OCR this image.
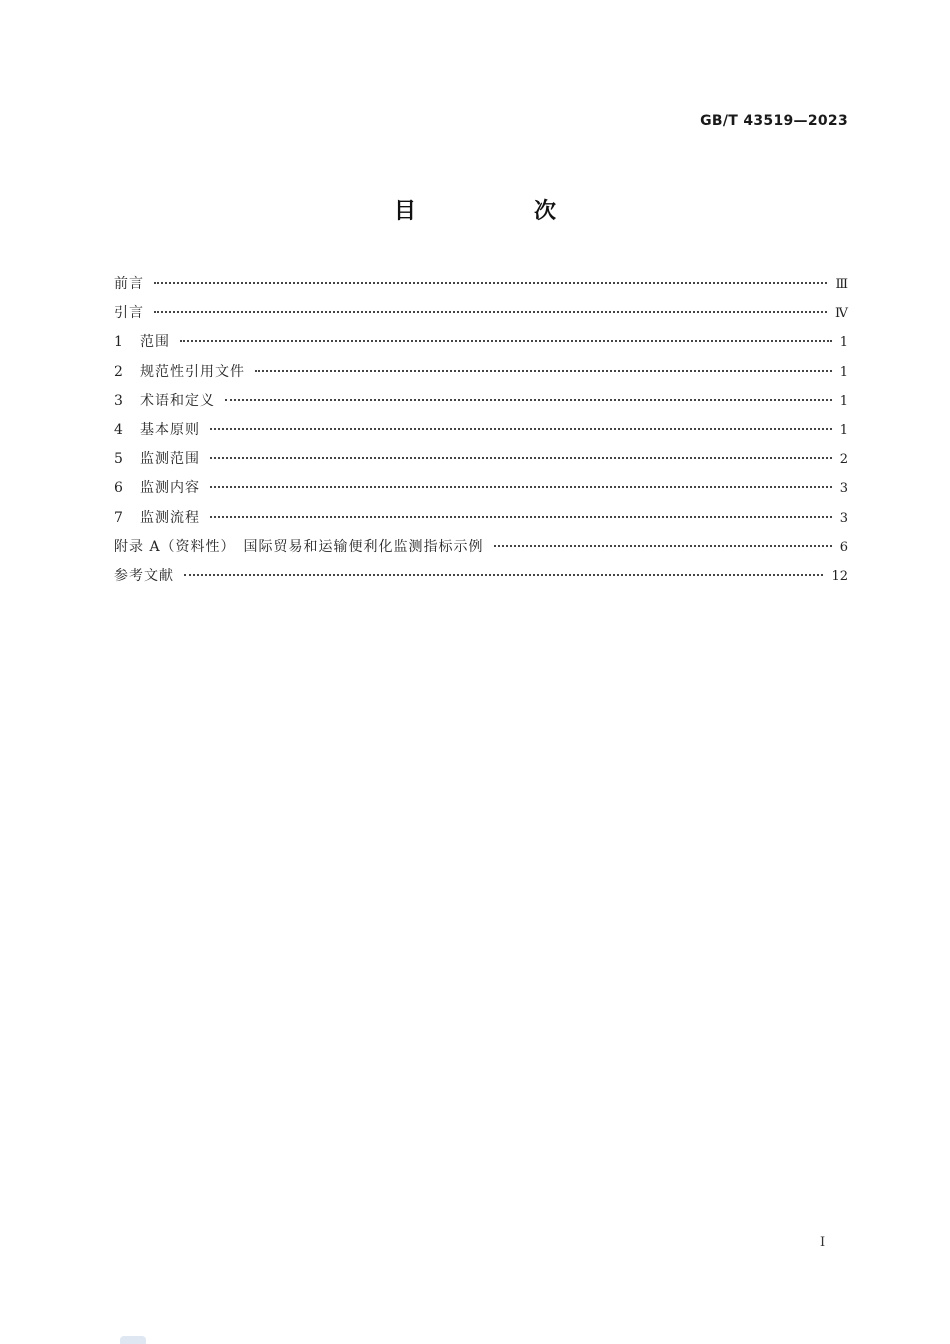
GB/T 43519—2023
目　次
前言	Ⅲ
引言	Ⅳ
1	范围	1
2	规范性引用文件	1
3	术语和定义	1
4	基本原则	1
5	监测范围	2
6	监测内容	3
7	监测流程	3
附录 A（资料性）　国际贸易和运输便利化监测指标示例	6
参考文献	12
Ⅰ
